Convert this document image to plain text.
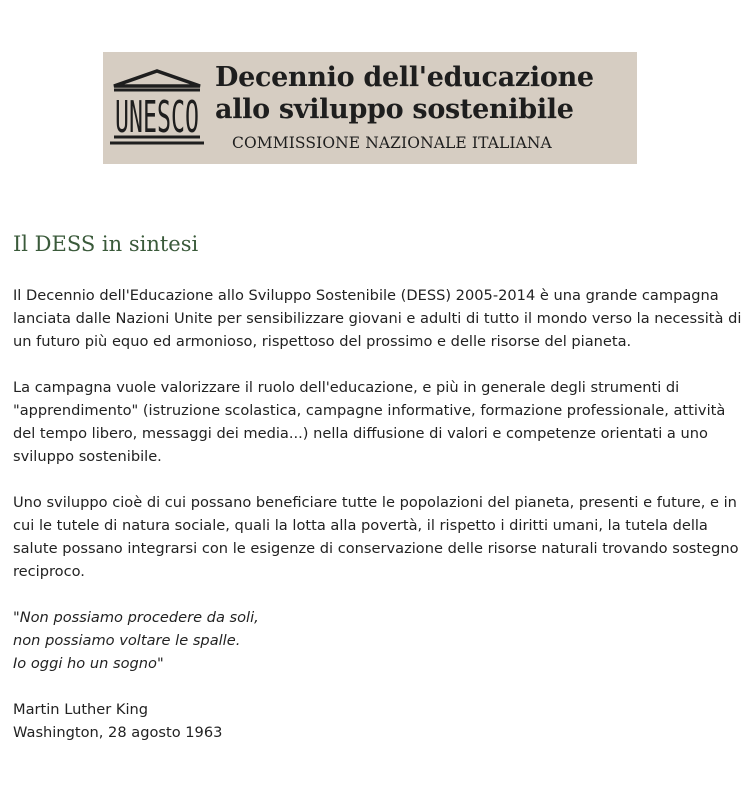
UNESCO
Decennio dell'educazione
allo sviluppo sostenibile
COMMISSIONE NAZIONALE ITALIANA
Il DESS in sintesi

Il Decennio dell'Educazione allo Sviluppo Sostenibile (DESS) 2005-2014 è una grande campagna lanciata dalle Nazioni Unite per sensibilizzare giovani e adulti di tutto il mondo verso la necessità di un futuro più equo ed armonioso, rispettoso del prossimo e delle risorse del pianeta.

La campagna vuole valorizzare il ruolo dell'educazione, e più in generale degli strumenti di "apprendimento" (istruzione scolastica, campagne informative, formazione professionale, attività del tempo libero, messaggi dei media...) nella diffusione di valori e competenze orientati a uno sviluppo sostenibile.

Uno sviluppo cioè di cui possano beneficiare tutte le popolazioni del pianeta, presenti e future, e in cui le tutele di natura sociale, quali la lotta alla povertà, il rispetto i diritti umani, la tutela della salute possano integrarsi con le esigenze di conservazione delle risorse naturali trovando sostegno reciproco.

"Non possiamo procedere da soli,
non possiamo voltare le spalle.
Io oggi ho un sogno"

Martin Luther King
Washington, 28 agosto 1963
